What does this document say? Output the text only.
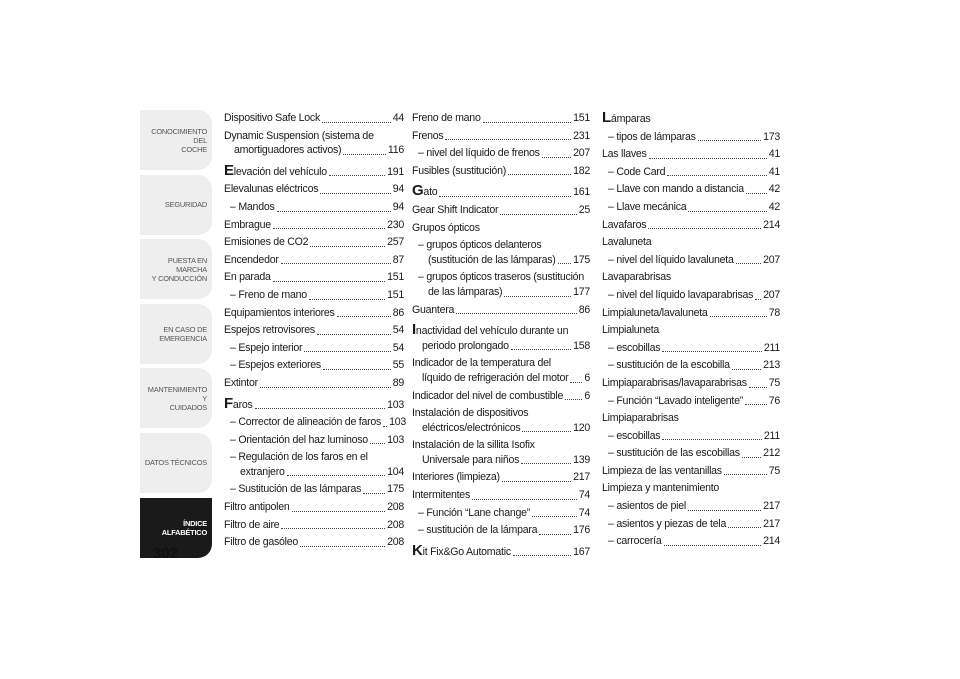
CONOCIMIENTO DEL
COCHE
SEGURIDAD
PUESTA EN MARCHA
Y CONDUCCIÓN
EN CASO DE
EMERGENCIA
MANTENIMIENTO Y
CUIDADOS
DATOS TÉCNICOS
ÍNDICE
ALFABÉTICO
302
Dispositivo Safe Lock	44
Dynamic Suspension (sistema de
amortiguadores activos)	116
Elevación del vehículo	191
Elevalunas eléctricos	94
– Mandos	94
Embrague	230
Emisiones de CO2	257
Encendedor	87
En parada	151
– Freno de mano	151
Equipamientos interiores	86
Espejos retrovisores	54
– Espejo interior	54
– Espejos exteriores	55
Extintor	89
Faros	103
– Corrector de alineación de faros 103
– Orientación del haz luminoso 103
– Regulación de los faros en el
extranjero	104
– Sustitución de las lámparas 175
Filtro antipolen	208
Filtro de aire	208
Filtro de gasóleo	208
Freno de mano	151
Frenos	231
– nivel del líquido de frenos	207
Fusibles (sustitución)	182
Gato	161
Gear Shift Indicator	25
Grupos ópticos
– grupos ópticos delanteros
(sustitución de las lámparas) 175
– grupos ópticos traseros (sustitución
de las lámparas)	177
Guantera	86
Inactividad del vehículo durante un
periodo prolongado	158
Indicador de la temperatura del
líquido de refrigeración del motor 6
Indicador del nivel de combustible 6
Instalación de dispositivos
eléctricos/electrónicos	120
Instalación de la sillita Isofix
Universale para niños	139
Interiores (limpieza)	217
Intermitentes	74
– Función “Lane change”	74
– sustitución de la lámpara	176
Kit Fix&Go Automatic	167
Lámparas
– tipos de lámparas	173
Las llaves	41
– Code Card	41
– Llave con mando a distancia 42
– Llave mecánica	42
Lavafaros	214
Lavaluneta
– nivel del líquido lavaluneta	207
Lavaparabrisas
– nivel del líquido lavaparabrisas 207
Limpialuneta/lavaluneta	78
Limpialuneta
– escobillas	211
– sustitución de la escobilla	213
Limpiaparabrisas/lavaparabrisas 75
– Función “Lavado inteligente” 76
Limpiaparabrisas
– escobillas	211
– sustitución de las escobillas 212
Limpieza de las ventanillas	75
Limpieza y mantenimiento
– asientos de piel	217
– asientos y piezas de tela	217
– carrocería	214
